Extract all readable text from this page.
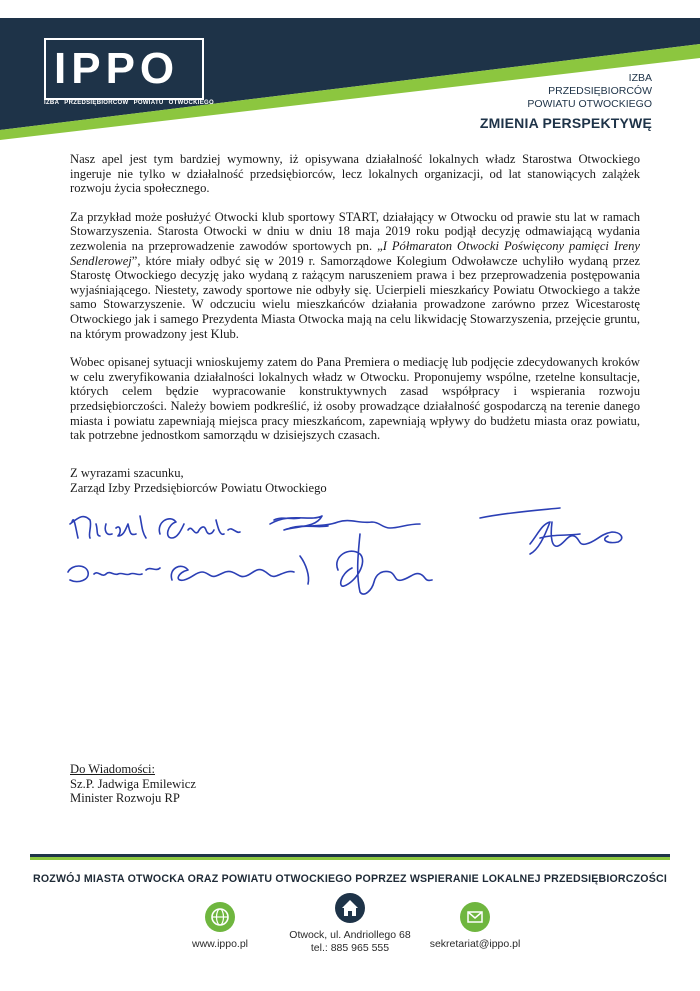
IPPO
IZBA PRZEDSIĘBIORCÓW POWIATU OTWOCKIEGO
IZBA
PRZEDSIĘBIORCÓW
POWIATU OTWOCKIEGO
ZMIENIA PERSPEKTYWĘ

Nasz apel jest tym bardziej wymowny, iż opisywana działalność lokalnych władz Starostwa Otwockiego ingeruje nie tylko w działalność przedsiębiorców, lecz lokalnych organizacji, od lat stanowiących zalążek rozwoju życia społecznego.

Za przykład może posłużyć Otwocki klub sportowy START, działający w Otwocku od prawie stu lat w ramach Stowarzyszenia. Starosta Otwocki w dniu w dniu 18 maja 2019 roku podjął decyzję odmawiającą wydania zezwolenia na przeprowadzenie zawodów sportowych pn. „I Półmaraton Otwocki Poświęcony pamięci Ireny Sendlerowej”, które miały odbyć się w 2019 r. Samorządowe Kolegium Odwoławcze uchyliło wydaną przez Starostę Otwockiego decyzję jako wydaną z rażącym naruszeniem prawa i bez przeprowadzenia postępowania wyjaśniającego. Niestety, zawody sportowe nie odbyły się. Ucierpieli mieszkańcy Powiatu Otwockiego a także samo Stowarzyszenie. W odczuciu wielu mieszkańców działania prowadzone zarówno przez Wicestarostę Otwockiego jak i samego Prezydenta Miasta Otwocka mają na celu likwidację Stowarzyszenia, przejęcie gruntu, na którym prowadzony jest Klub.

Wobec opisanej sytuacji wnioskujemy zatem do Pana Premiera o mediację lub podjęcie zdecydowanych kroków w celu zweryfikowania działalności lokalnych władz w Otwocku. Proponujemy wspólne, rzetelne konsultacje, których celem będzie wypracowanie konstruktywnych zasad współpracy i wspierania rozwoju przedsiębiorczości. Należy bowiem podkreślić, iż osoby prowadzące działalność gospodarczą na terenie danego miasta i powiatu zapewniają miejsca pracy mieszkańcom, zapewniają wpływy do budżetu miasta oraz powiatu, tak potrzebne jednostkom samorządu w dzisiejszych czasach.

Z wyrazami szacunku,
Zarząd Izby Przedsiębiorców Powiatu Otwockiego
Do Wiadomości:
Sz.P. Jadwiga Emilewicz
Minister Rozwoju RP
ROZWÓJ MIASTA OTWOCKA ORAZ POWIATU OTWOCKIEGO POPRZEZ WSPIERANIE LOKALNEJ PRZEDSIĘBIORCZOŚCI
www.ippo.pl
Otwock, ul. Andriollego 68
tel.: 885 965 555	sekretariat@ippo.pl
